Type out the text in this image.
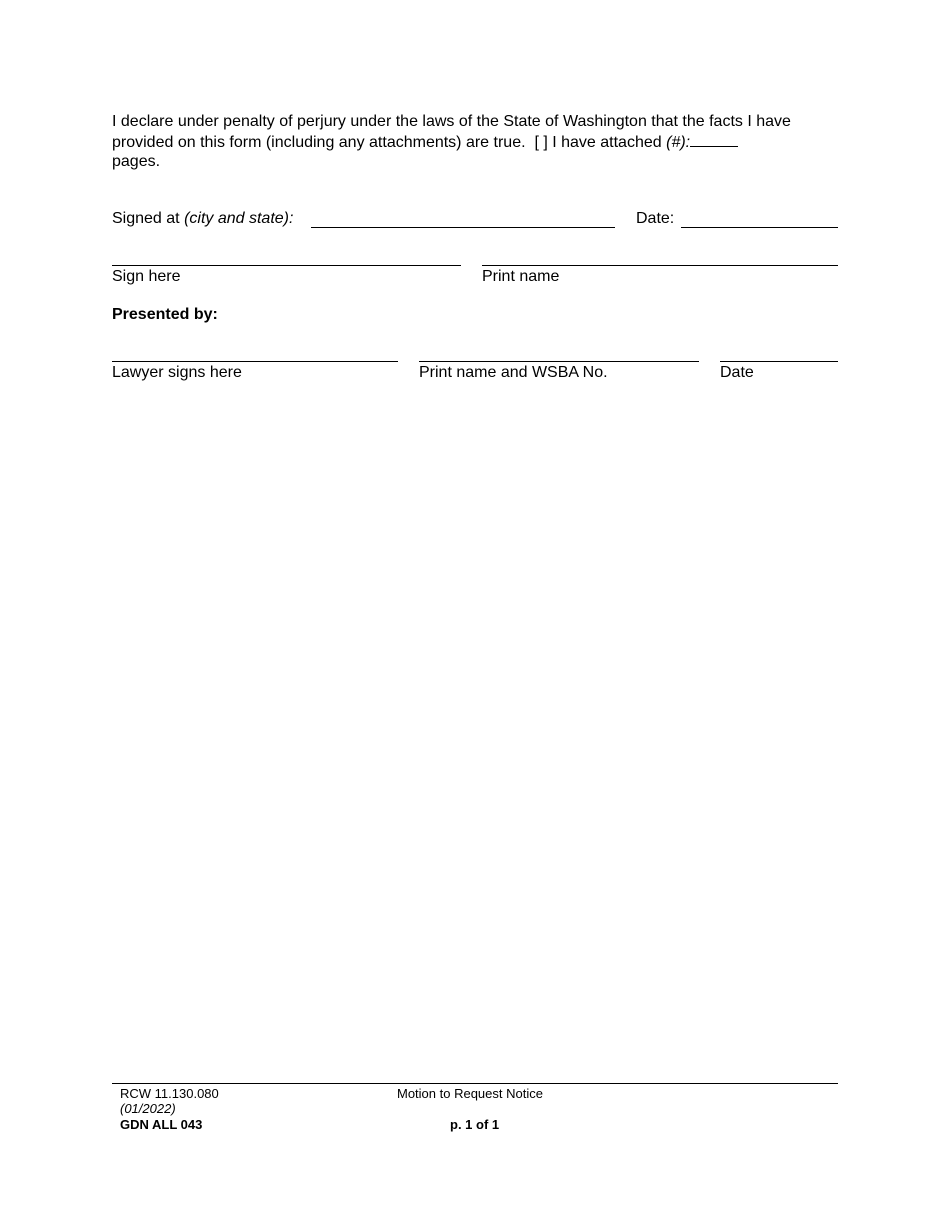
I declare under penalty of perjury under the laws of the State of Washington that the facts I have
provided on this form (including any attachments) are true. [ ] I have attached (#):
pages.
Signed at (city and state):	Date:
Sign here	Print name
Presented by:
Lawyer signs here	Print name and WSBA No.	Date
RCW 11.130.080
(01/2022)
GDN ALL 043
Motion to Request Notice
p. 1 of 1
